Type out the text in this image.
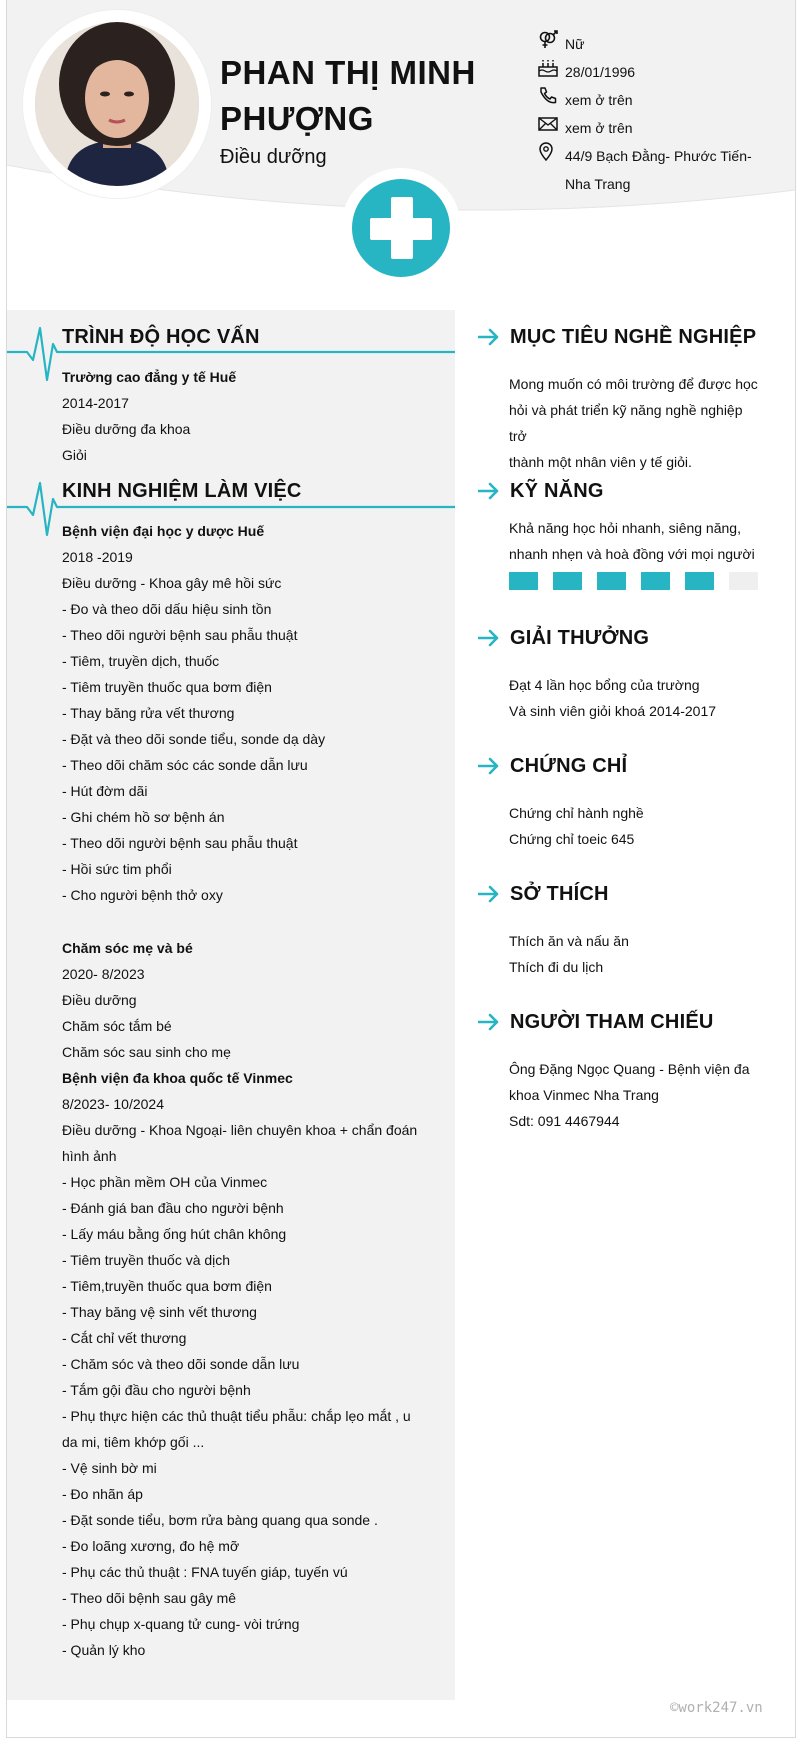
PHAN THỊ MINH
PHƯỢNG
Điều dưỡng
Nữ
28/01/1996
xem ở trên
xem ở trên
44/9 Bạch Đằng- Phước Tiến-
Nha Trang
TRÌNH ĐỘ HỌC VẤN
Trường cao đẳng y tế Huế
2014-2017
Điều dưỡng đa khoa
Giỏi
KINH NGHIỆM LÀM VIỆC
Bệnh viện đại học y dược Huế
2018 -2019
Điều dưỡng - Khoa gây mê hồi sức
- Đo và theo dõi dấu hiệu sinh tồn
- Theo dõi người bệnh sau phẫu thuật
- Tiêm, truyền dịch, thuốc
- Tiêm truyền thuốc qua bơm điện
- Thay băng rửa vết thương
- Đặt và theo dõi sonde tiểu, sonde dạ dày
- Theo dõi chăm sóc các sonde dẫn lưu
- Hút đờm dãi
- Ghi chém hồ sơ bệnh án
- Theo dõi người bệnh sau phẫu thuật
- Hồi sức tim phổi
- Cho người bệnh thở oxy
Chăm sóc mẹ và bé
2020- 8/2023
Điều dưỡng
Chăm sóc tắm bé
Chăm sóc sau sinh cho mẹ
Bệnh viện đa khoa quốc tế Vinmec
8/2023- 10/2024
Điều dưỡng - Khoa Ngoại- liên chuyên khoa + chẩn đoán
hình ảnh
- Học phần mềm OH của Vinmec
- Đánh giá ban đầu cho người bệnh
- Lấy máu bằng ống hút chân không
- Tiêm truyền thuốc và dịch
- Tiêm,truyền thuốc qua bơm điện
- Thay băng vệ sinh vết thương
- Cắt chỉ vết thương
- Chăm sóc và theo dõi sonde dẫn lưu
- Tắm gội đầu cho người bệnh
- Phụ thực hiện các thủ thuật tiểu phẫu: chắp lẹo mắt , u
da mi, tiêm khớp gối ...
- Vệ sinh bờ mi
- Đo nhãn áp
- Đặt sonde tiểu, bơm rửa bàng quang qua sonde .
- Đo loãng xương, đo hệ mỡ
- Phụ các thủ thuật : FNA tuyến giáp, tuyến vú
- Theo dõi bệnh sau gây mê
- Phụ chụp x-quang tử cung- vòi trứng
- Quản lý kho
MỤC TIÊU NGHỀ NGHIỆP
Mong muốn có môi trường để được học
hỏi và phát triển kỹ năng nghề nghiệp trở
thành một nhân viên y tế giỏi.
KỸ NĂNG
Khả năng học hỏi nhanh, siêng năng,
nhanh nhẹn và hoà đồng với mọi người
GIẢI THƯỞNG
Đạt 4 lần học bổng của trường
Và sinh viên giỏi khoá 2014-2017
CHỨNG CHỈ
Chứng chỉ hành nghề
Chứng chỉ toeic 645
SỞ THÍCH
Thích ăn và nấu ăn
Thích đi du lịch
NGƯỜI THAM CHIẾU
Ông Đặng Ngọc Quang - Bệnh viện đa
khoa Vinmec Nha Trang
Sdt: 091 4467944
©work247.vn
